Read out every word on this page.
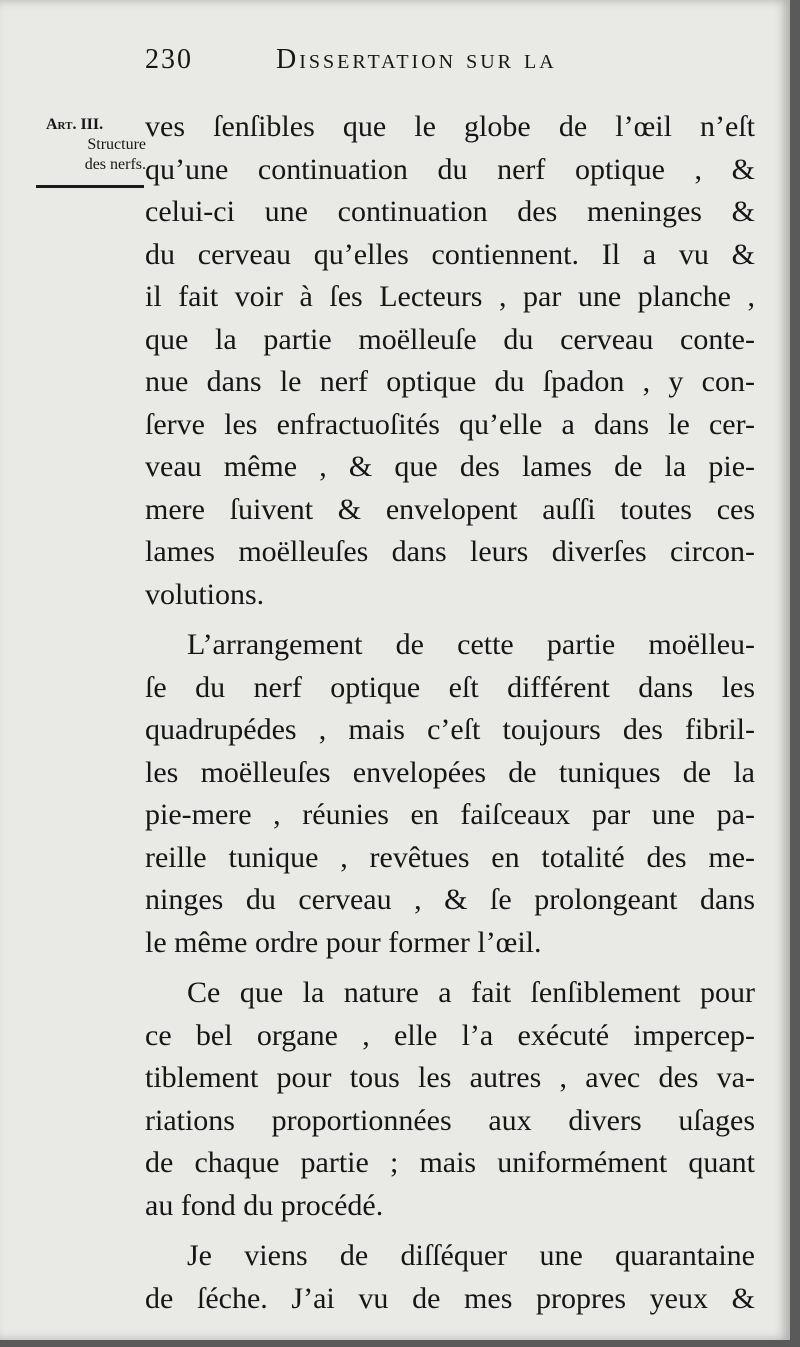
230	Dissertation sur la
Art. III.
Structure
des nerfs.
ves ſenſibles que le globe de l’œil n’eſt
qu’une continuation du nerf optique , &
celui-ci une continuation des meninges &
du cerveau qu’elles contiennent. Il a vu &
il fait voir à ſes Lecteurs , par une planche ,
que la partie moëlleuſe du cerveau conte-
nue dans le nerf optique du ſpadon , y con-
ſerve les enfractuoſités qu’elle a dans le cer-
veau même , & que des lames de la pie-
mere ſuivent & envelopent auſſi toutes ces
lames moëlleuſes dans leurs diverſes circon-
volutions.
L’arrangement de cette partie moëlleu-
ſe du nerf optique eſt différent dans les
quadrupédes , mais c’eſt toujours des fibril-
les moëlleuſes envelopées de tuniques de la
pie-mere , réunies en faiſceaux par une pa-
reille tunique , revêtues en totalité des me-
ninges du cerveau , & ſe prolongeant dans
le même ordre pour former l’œil.
Ce que la nature a fait ſenſiblement pour
ce bel organe , elle l’a exécuté impercep-
tiblement pour tous les autres , avec des va-
riations proportionnées aux divers uſages
de chaque partie ; mais uniformément quant
au fond du procédé.
Je viens de diſſéquer une quarantaine
de ſéche. J’ai vu de mes propres yeux &
